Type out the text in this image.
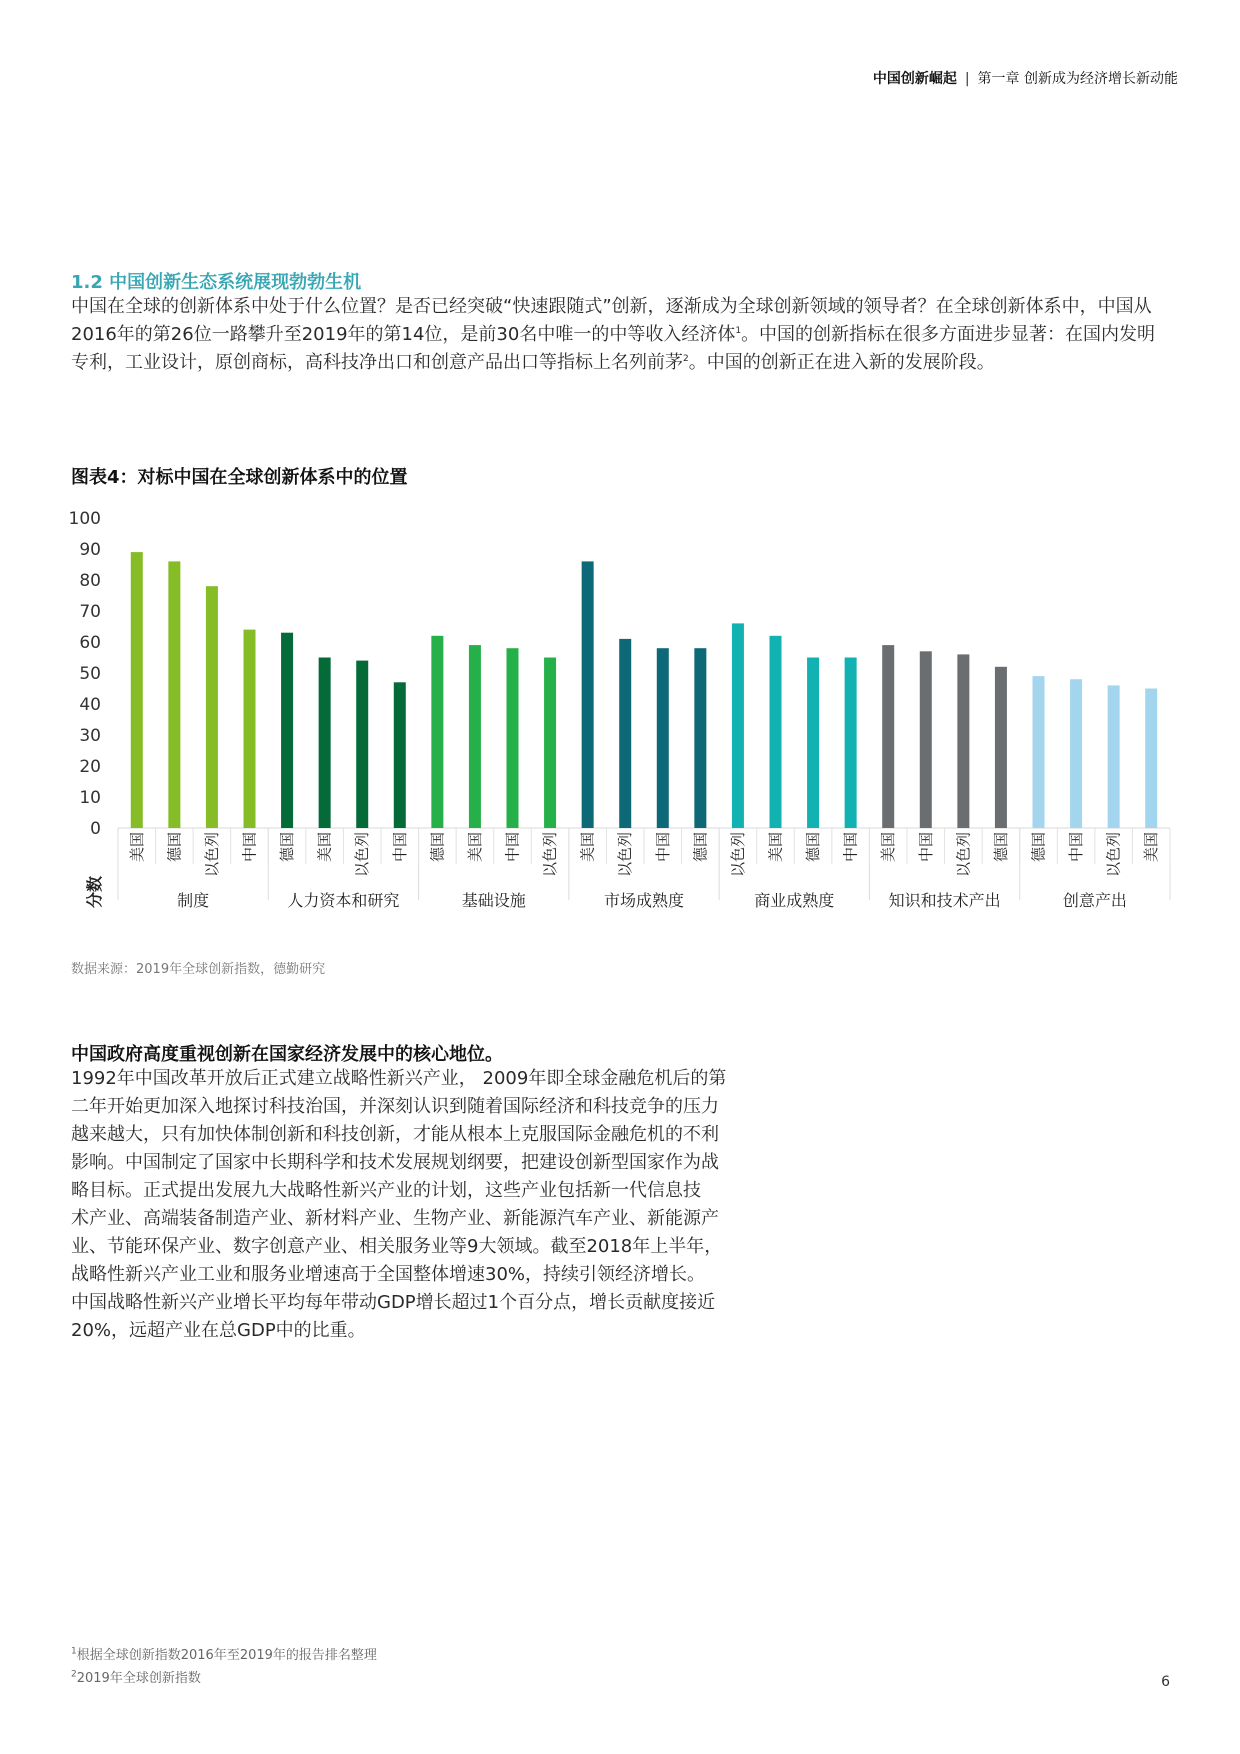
中国创新崛起 | 第一章 创新成为经济增长新动能
1.2 中国创新生态系统展现勃勃生机

中国在全球的创新体系中处于什么位置？是否已经突破“快速跟随式”创新，逐渐成为全球创新领域的领导者？在全球创新体系中，中国从2016年的第26位一路攀升至2019年的第14位，是前30名中唯一的中等收入经济体$^1$。中国的创新指标在很多方面进步显著：在国内发明专利，工业设计，原创商标，高科技净出口和创意产品出口等指标上名列前茅$^2$。中国的创新正在进入新的发展阶段。

图表4：对标中国在全球创新体系中的位置
0
10
20
30
40
50
60
70
80
90
100
美国 德国 以色列 中国
制度
德国 美国 以色列 中国
人力资本和研究
德国 美国 中国 以色列
基础设施
美国 以色列 中国 德国
市场成熟度
以色列 美国 德国 中国
商业成熟度
美国 中国 以色列 德国
知识和技术产出
德国 中国 以色列 美国
创意产出
分数
数据来源：2019年全球创新指数，德勤研究
中国政府高度重视创新在国家经济发展中的核心地位。

1992年中国改革开放后正式建立战略性新兴产业， 2009年即全球金融危机后的第

二年开始更加深入地探讨科技治国，并深刻认识到随着国际经济和科技竞争的压力

越来越大，只有加快体制创新和科技创新，才能从根本上克服国际金融危机的不利

影响。中国制定了国家中长期科学和技术发展规划纲要，把建设创新型国家作为战

略目标。正式提出发展九大战略性新兴产业的计划，这些产业包括新一代信息技

术产业、高端装备制造产业、新材料产业、生物产业、新能源汽车产业、新能源产

业、节能环保产业、数字创意产业、相关服务业等9大领域。截至2018年上半年，

战略性新兴产业工业和服务业增速高于全国整体增速30%，持续引领经济增长。

中国战略性新兴产业增长平均每年带动GDP增长超过1个百分点，增长贡献度接近

20%，远超产业在总GDP中的比重。

$^1$根据全球创新指数2016年至2019年的报告排名整理
$^2$2019年全球创新指数	6
